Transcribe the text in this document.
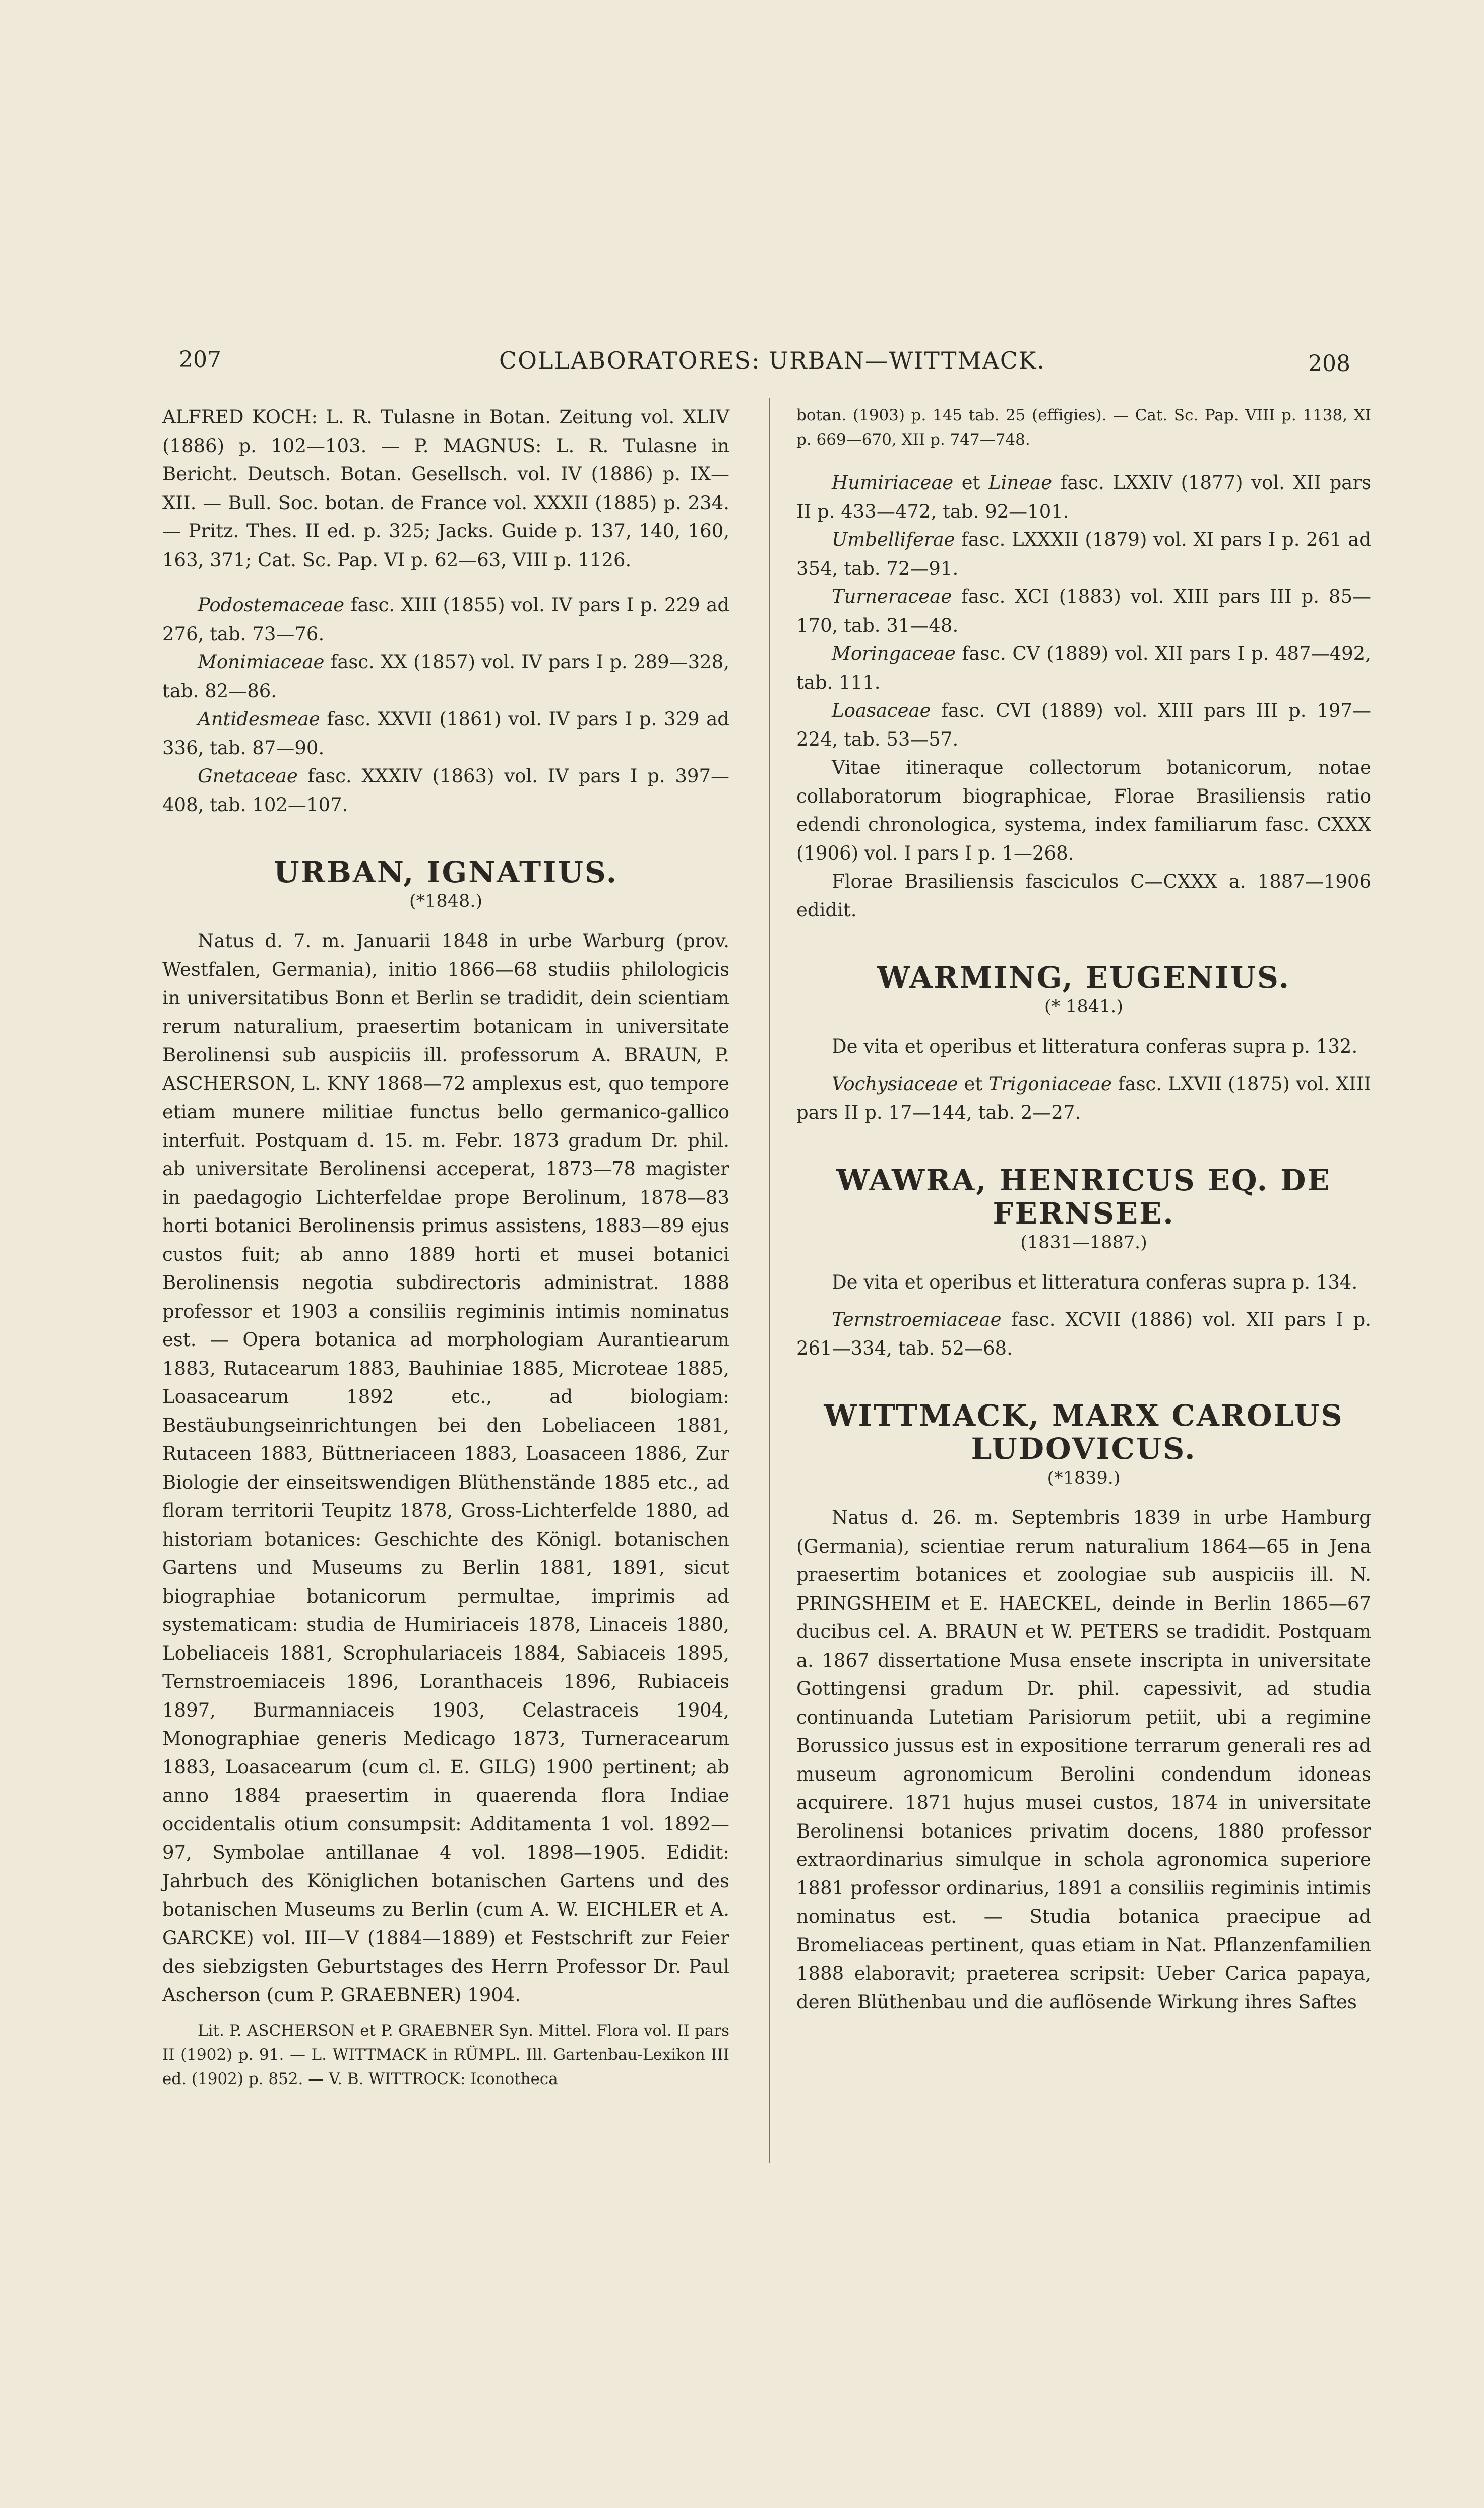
207	COLLABORATORES: URBAN—WITTMACK.	208

ALFRED KOCH: L. R. Tulasne in Botan. Zeitung vol. XLIV (1886) p. 102—103. — P. MAGNUS: L. R. Tulasne in Bericht. Deutsch. Botan. Gesellsch. vol. IV (1886) p. IX—XII. — Bull. Soc. botan. de France vol. XXXII (1885) p. 234. — Pritz. Thes. II ed. p. 325; Jacks. Guide p. 137, 140, 160, 163, 371; Cat. Sc. Pap. VI p. 62—63, VIII p. 1126.

Podostemaceae fasc. XIII (1855) vol. IV pars I p. 229 ad 276, tab. 73—76.

Monimiaceae fasc. XX (1857) vol. IV pars I p. 289—328, tab. 82—86.

Antidesmeae fasc. XXVII (1861) vol. IV pars I p. 329 ad 336, tab. 87—90.

Gnetaceae fasc. XXXIV (1863) vol. IV pars I p. 397—408, tab. 102—107.

URBAN, IGNATIUS.
(*1848.)

Natus d. 7. m. Januarii 1848 in urbe Warburg (prov. Westfalen, Germania), initio 1866—68 studiis philologicis in universitatibus Bonn et Berlin se tradidit, dein scientiam rerum naturalium, praesertim botanicam in universitate Berolinensi sub auspiciis ill. professorum A. BRAUN, P. ASCHERSON, L. KNY 1868—72 amplexus est, quo tempore etiam munere militiae functus bello germanico-gallico interfuit. Postquam d. 15. m. Febr. 1873 gradum Dr. phil. ab universitate Berolinensi acceperat, 1873—78 magister in paedagogio Lichterfeldae prope Berolinum, 1878—83 horti botanici Berolinensis primus assistens, 1883—89 ejus custos fuit; ab anno 1889 horti et musei botanici Berolinensis negotia subdirectoris administrat. 1888 professor et 1903 a consiliis regiminis intimis nominatus est. — Opera botanica ad morphologiam Aurantiearum 1883, Rutacearum 1883, Bauhiniae 1885, Microteae 1885, Loasacearum 1892 etc., ad biologiam: Bestäubungseinrichtungen bei den Lobeliaceen 1881, Rutaceen 1883, Büttneriaceen 1883, Loasaceen 1886, Zur Biologie der einseitswendigen Blüthenstände 1885 etc., ad floram territorii Teupitz 1878, Gross-Lichterfelde 1880, ad historiam botanices: Geschichte des Königl. botanischen Gartens und Museums zu Berlin 1881, 1891, sicut biographiae botanicorum permultae, imprimis ad systematicam: studia de Humiriaceis 1878, Linaceis 1880, Lobeliaceis 1881, Scrophulariaceis 1884, Sabiaceis 1895, Ternstroemiaceis 1896, Loranthaceis 1896, Rubiaceis 1897, Burmanniaceis 1903, Celastraceis 1904, Monographiae generis Medicago 1873, Turneracearum 1883, Loasacearum (cum cl. E. GILG) 1900 pertinent; ab anno 1884 praesertim in quaerenda flora Indiae occidentalis otium consumpsit: Additamenta 1 vol. 1892—97, Symbolae antillanae 4 vol. 1898—1905. Edidit: Jahrbuch des Königlichen botanischen Gartens und des botanischen Museums zu Berlin (cum A. W. EICHLER et A. GARCKE) vol. III—V (1884—1889) et Festschrift zur Feier des siebzigsten Geburtstages des Herrn Professor Dr. Paul Ascherson (cum P. GRAEBNER) 1904.

Lit. P. ASCHERSON et P. GRAEBNER Syn. Mittel. Flora vol. II pars II (1902) p. 91. — L. WITTMACK in RÜMPL. Ill. Gartenbau-Lexikon III ed. (1902) p. 852. — V. B. WITTROCK: Iconotheca

botan. (1903) p. 145 tab. 25 (effigies). — Cat. Sc. Pap. VIII p. 1138, XI p. 669—670, XII p. 747—748.

Humiriaceae et Lineae fasc. LXXIV (1877) vol. XII pars II p. 433—472, tab. 92—101.

Umbelliferae fasc. LXXXII (1879) vol. XI pars I p. 261 ad 354, tab. 72—91.

Turneraceae fasc. XCI (1883) vol. XIII pars III p. 85—170, tab. 31—48.

Moringaceae fasc. CV (1889) vol. XII pars I p. 487—492, tab. 111.

Loasaceae fasc. CVI (1889) vol. XIII pars III p. 197—224, tab. 53—57.

Vitae itineraque collectorum botanicorum, notae collaboratorum biographicae, Florae Brasiliensis ratio edendi chronologica, systema, index familiarum fasc. CXXX (1906) vol. I pars I p. 1—268.

Florae Brasiliensis fasciculos C—CXXX a. 1887—1906 edidit.

WARMING, EUGENIUS.
(* 1841.)

De vita et operibus et litteratura conferas supra p. 132.

Vochysiaceae et Trigoniaceae fasc. LXVII (1875) vol. XIII pars II p. 17—144, tab. 2—27.

WAWRA, HENRICUS EQ. DE FERNSEE.
(1831—1887.)

De vita et operibus et litteratura conferas supra p. 134.

Ternstroemiaceae fasc. XCVII (1886) vol. XII pars I p. 261—334, tab. 52—68.

WITTMACK, MARX CAROLUS LUDOVICUS.
(*1839.)

Natus d. 26. m. Septembris 1839 in urbe Hamburg (Germania), scientiae rerum naturalium 1864—65 in Jena praesertim botanices et zoologiae sub auspiciis ill. N. PRINGSHEIM et E. HAECKEL, deinde in Berlin 1865—67 ducibus cel. A. BRAUN et W. PETERS se tradidit. Postquam a. 1867 dissertatione Musa ensete inscripta in universitate Gottingensi gradum Dr. phil. capessivit, ad studia continuanda Lutetiam Parisiorum petiit, ubi a regimine Borussico jussus est in expositione terrarum generali res ad museum agronomicum Berolini condendum idoneas acquirere. 1871 hujus musei custos, 1874 in universitate Berolinensi botanices privatim docens, 1880 professor extraordinarius simulque in schola agronomica superiore 1881 professor ordinarius, 1891 a consiliis regiminis intimis nominatus est. — Studia botanica praecipue ad Bromeliaceas pertinent, quas etiam in Nat. Pflanzenfamilien 1888 elaboravit; praeterea scripsit: Ueber Carica papaya, deren Blüthenbau und die auflösende Wirkung ihres Saftes
